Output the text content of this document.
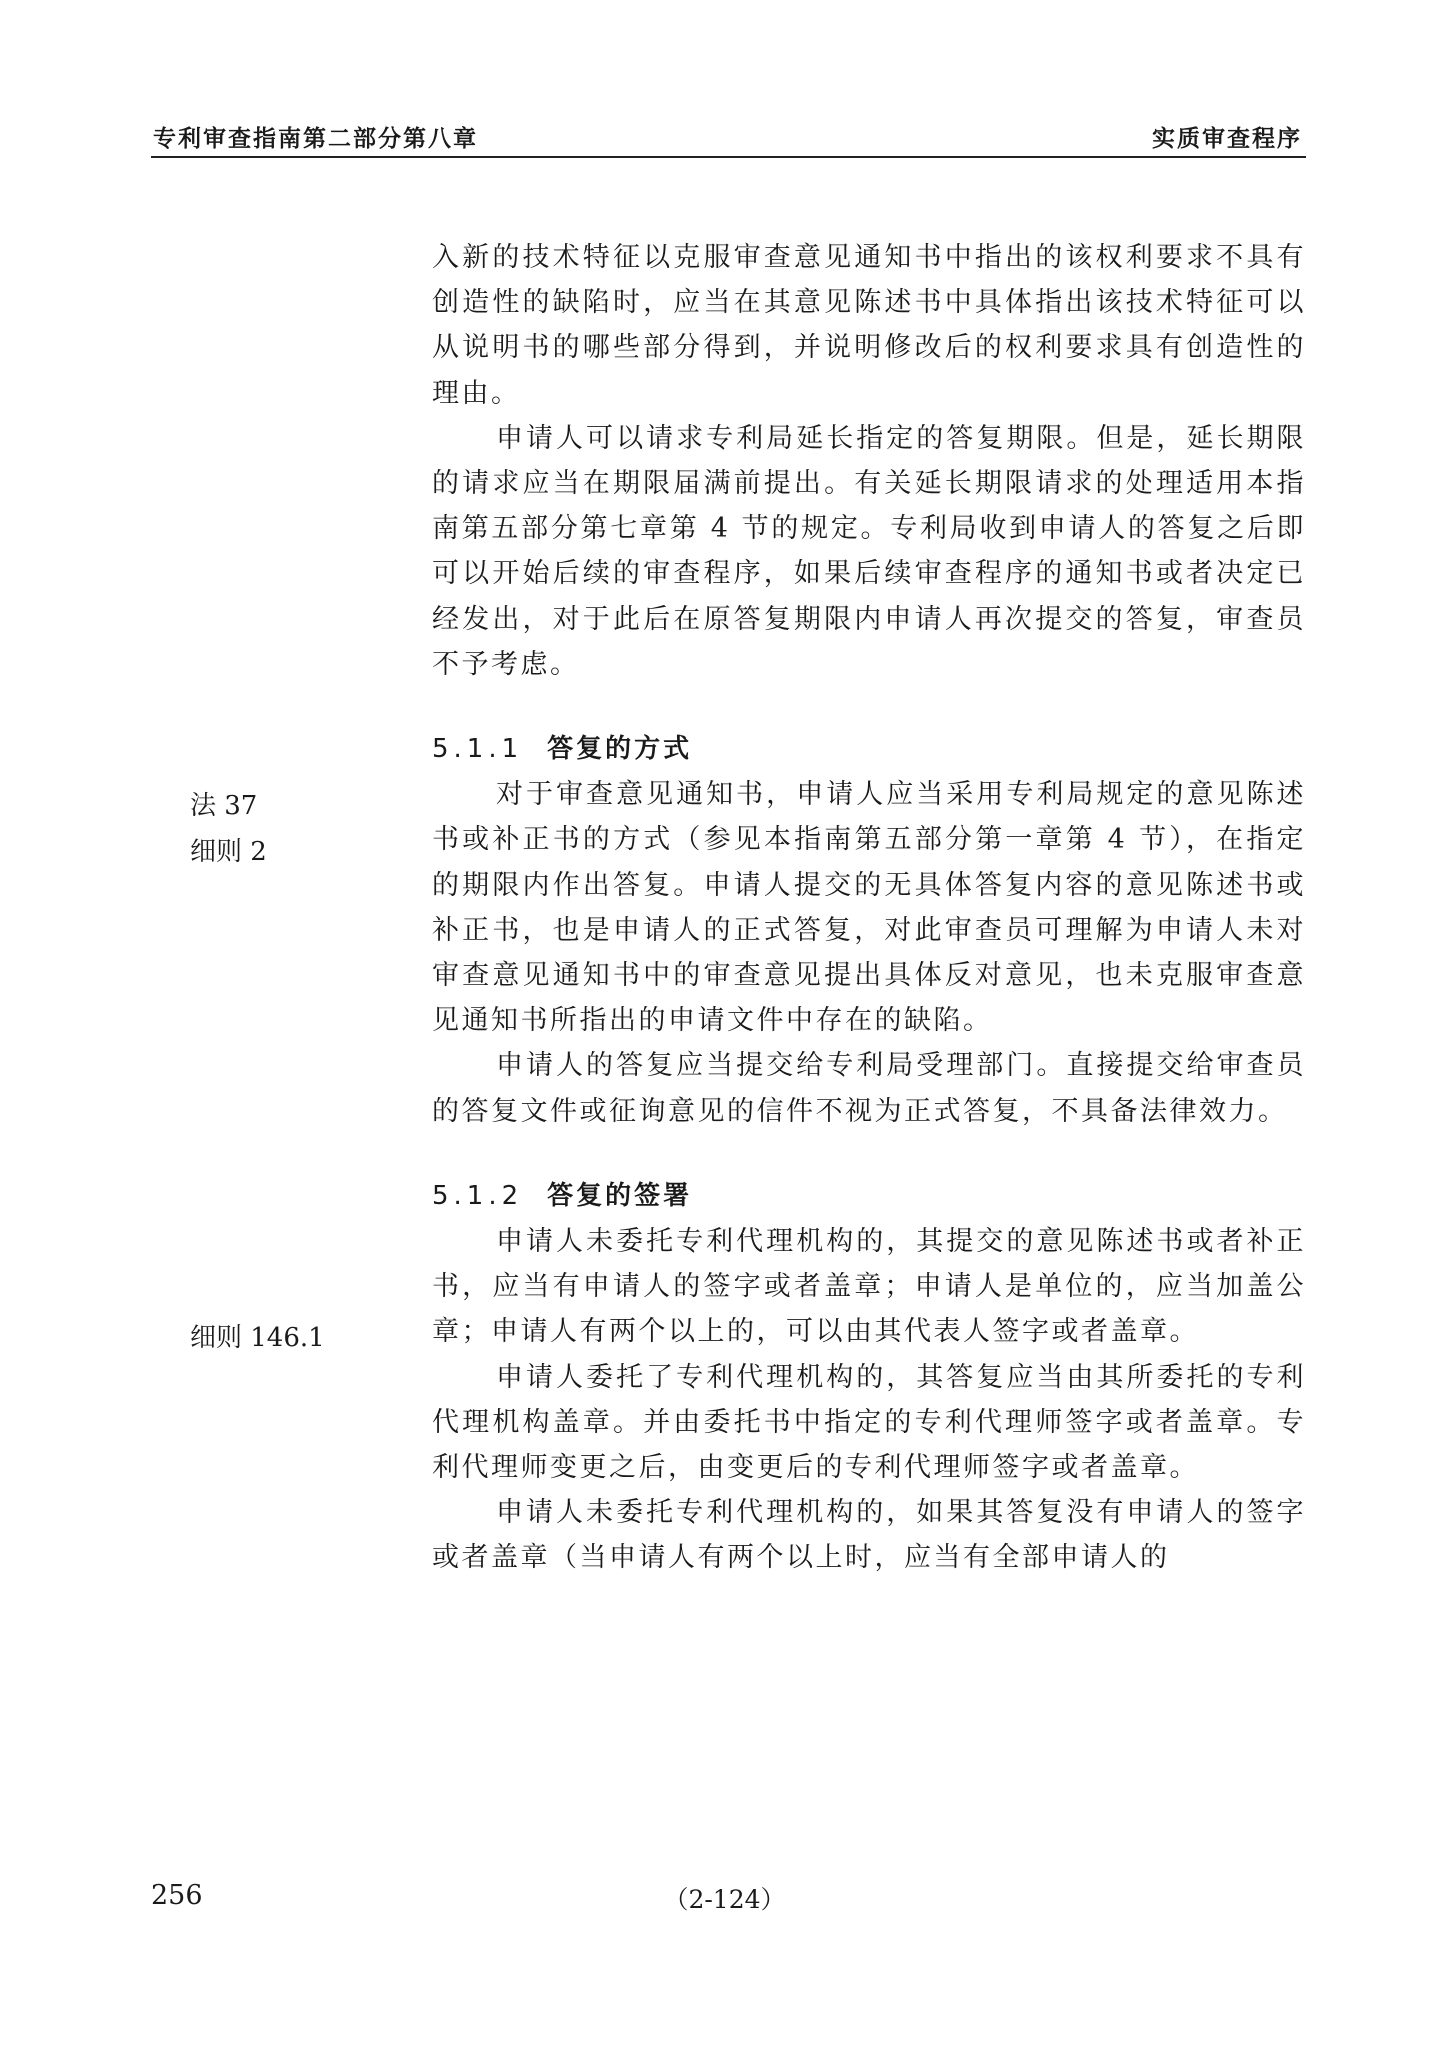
专利审查指南第二部分第八章	实质审查程序
法 37
细则 2
细则 146.1

入新的技术特征以克服审查意见通知书中指出的该权利要求不具有创造性的缺陷时，应当在其意见陈述书中具体指出该技术特征可以从说明书的哪些部分得到，并说明修改后的权利要求具有创造性的理由。

申请人可以请求专利局延长指定的答复期限。但是，延长期限的请求应当在期限届满前提出。有关延长期限请求的处理适用本指南第五部分第七章第 4 节的规定。专利局收到申请人的答复之后即可以开始后续的审查程序，如果后续审查程序的通知书或者决定已经发出，对于此后在原答复期限内申请人再次提交的答复，审查员不予考虑。

5.1.1 答复的方式

对于审查意见通知书，申请人应当采用专利局规定的意见陈述书或补正书的方式（参见本指南第五部分第一章第 4 节），在指定的期限内作出答复。申请人提交的无具体答复内容的意见陈述书或补正书，也是申请人的正式答复，对此审查员可理解为申请人未对审查意见通知书中的审查意见提出具体反对意见，也未克服审查意见通知书所指出的申请文件中存在的缺陷。

申请人的答复应当提交给专利局受理部门。直接提交给审查员的答复文件或征询意见的信件不视为正式答复，不具备法律效力。

5.1.2 答复的签署

申请人未委托专利代理机构的，其提交的意见陈述书或者补正书，应当有申请人的签字或者盖章；申请人是单位的，应当加盖公章；申请人有两个以上的，可以由其代表人签字或者盖章。

申请人委托了专利代理机构的，其答复应当由其所委托的专利代理机构盖章。并由委托书中指定的专利代理师签字或者盖章。专利代理师变更之后，由变更后的专利代理师签字或者盖章。

申请人未委托专利代理机构的，如果其答复没有申请人的签字或者盖章（当申请人有两个以上时，应当有全部申请人的

256	（2-124）
